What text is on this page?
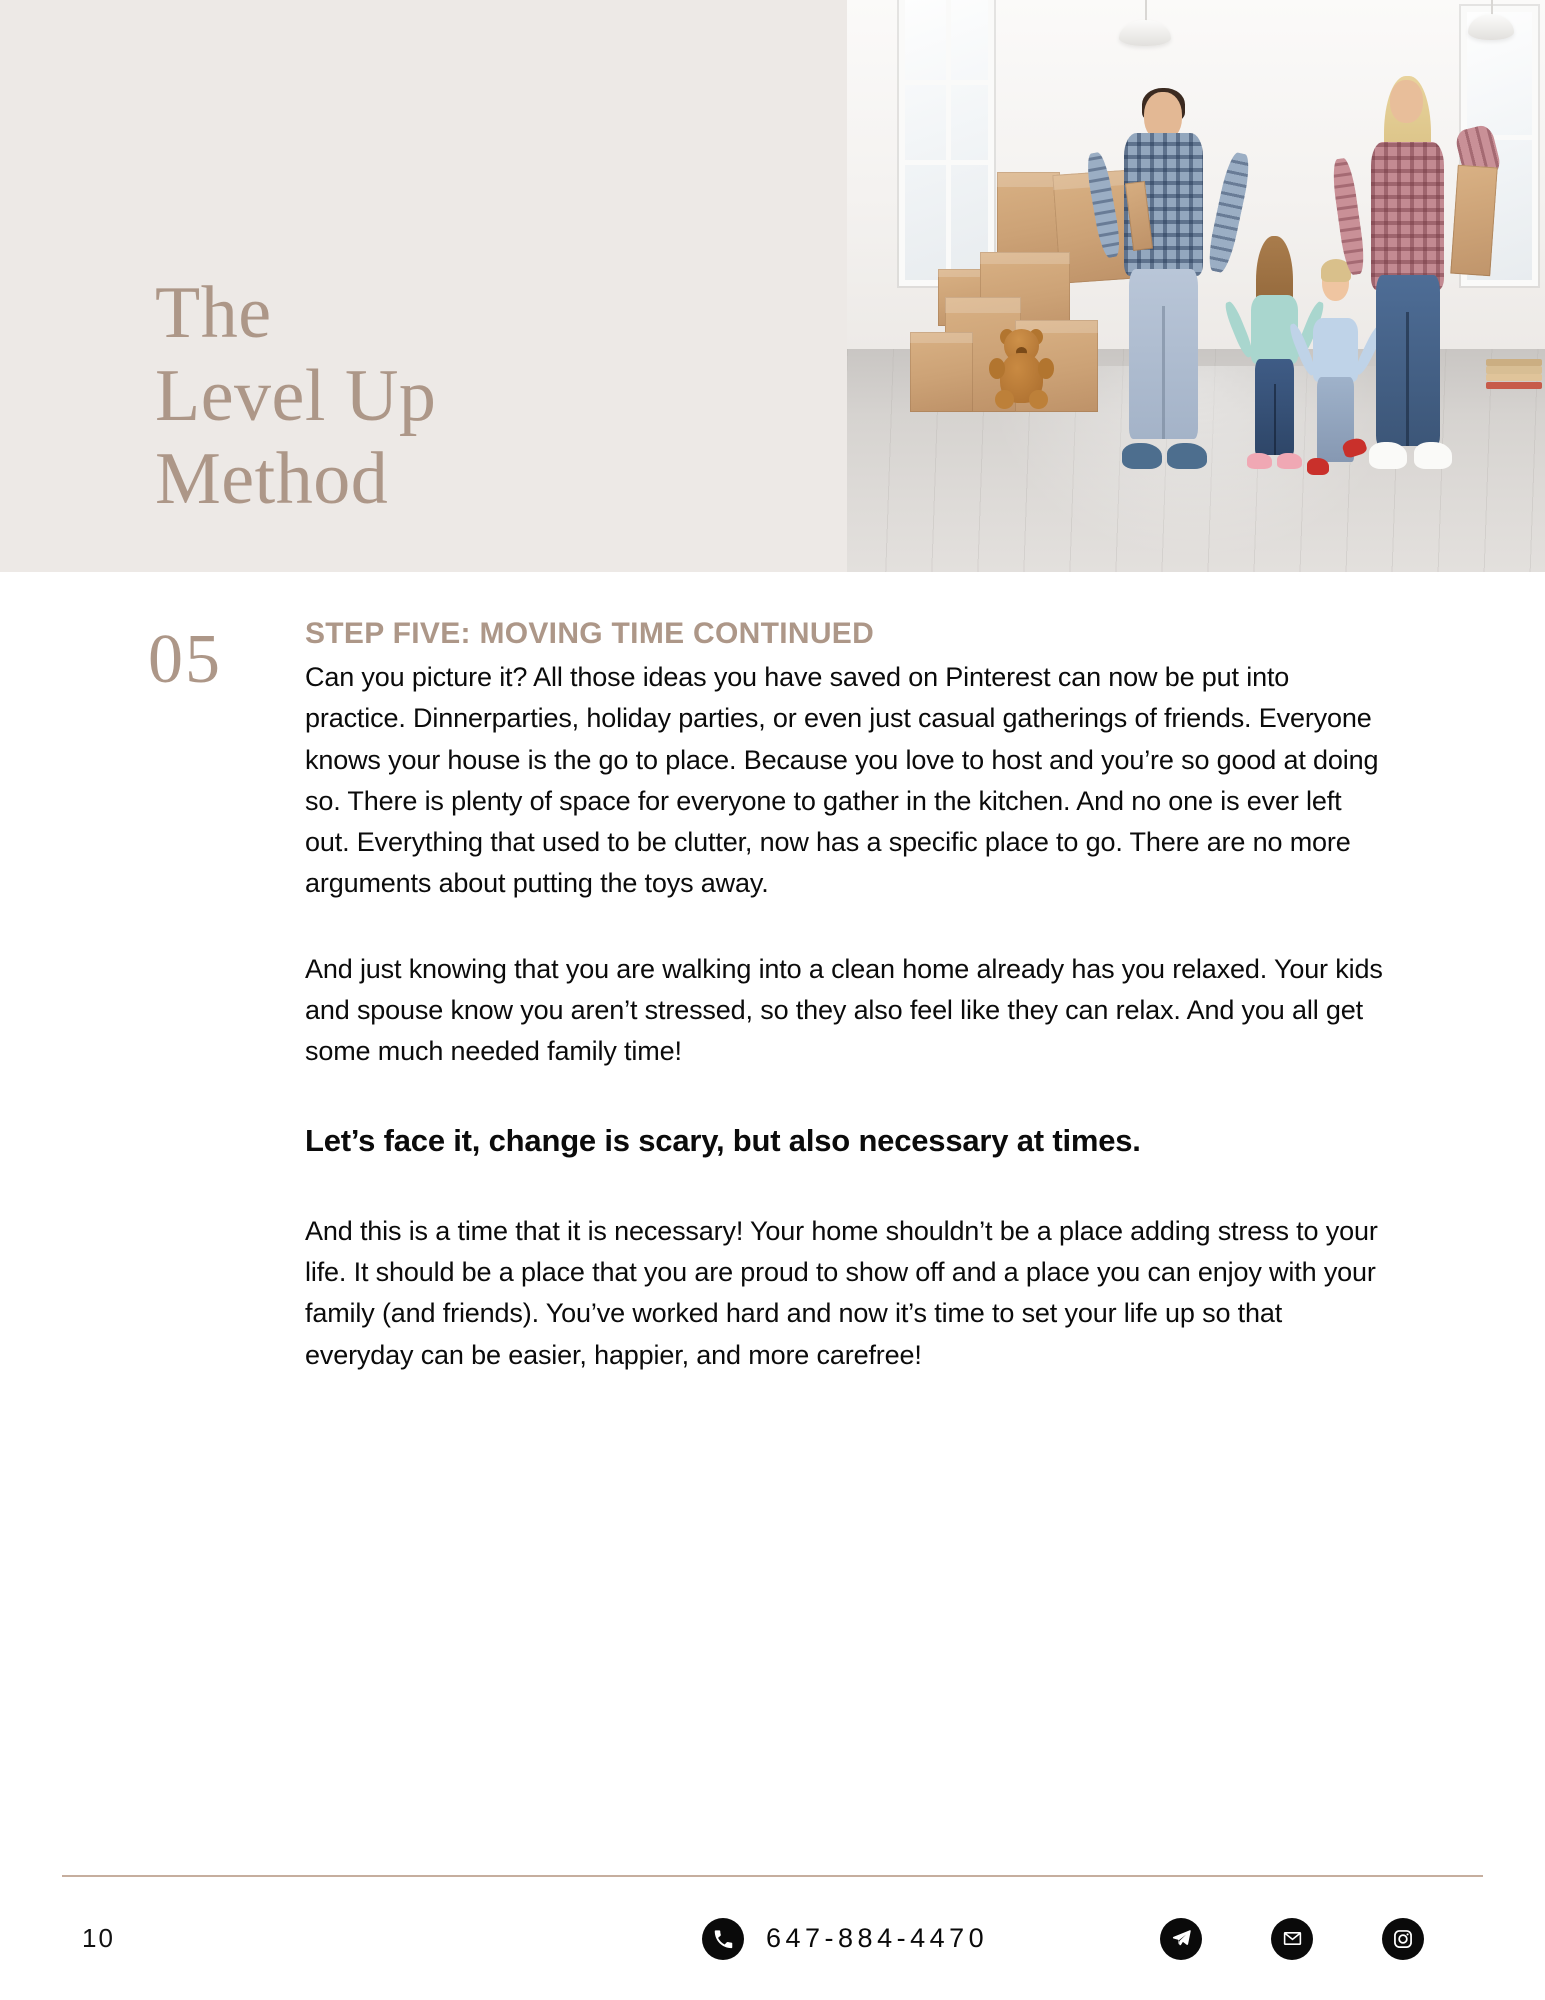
The
Level Up
Method
05	STEP FIVE: MOVING TIME CONTINUED

Can you picture it? All those ideas you have saved on Pinterest can now be put into practice. Dinnerparties, holiday parties, or even just casual gatherings of friends. Everyone knows your house is the go to place. Because you love to host and you’re so good at doing so. There is plenty of space for everyone to gather in the kitchen. And no one is ever left out. Everything that used to be clutter, now has a specific place to go. There are no more arguments about putting the toys away.

And just knowing that you are walking into a clean home already has you relaxed. Your kids and spouse know you aren’t stressed, so they also feel like they can relax. And you all get some much needed family time!

Let’s face it, change is scary, but also necessary at times.

And this is a time that it is necessary! Your home shouldn’t be a place adding stress to your life. It should be a place that you are proud to show off and a place you can enjoy with your family (and friends). You’ve worked hard and now it’s time to set your life up so that everyday can be easier, happier, and more carefree!

10	647-884-4470
